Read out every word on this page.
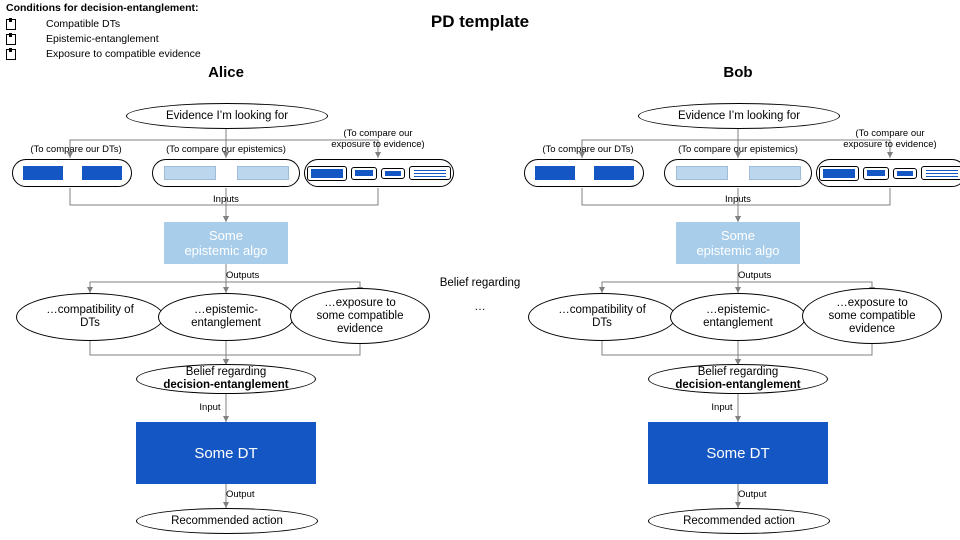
Conditions for decision-entanglement:
Compatible DTs
Epistemic-entanglement
Exposure to compatible evidence
PD template
Belief regarding
…
Alice
Evidence I’m looking for
(To compare our DTs)	(To compare our epistemics)
(To compare our
exposure to evidence)
Inputs
Some
epistemic algo
Outputs
…compatibility of
DTs
…epistemic-
entanglement
…exposure to
some compatible
evidence
Belief regarding
decision-entanglement
Input
Some DT
Output
Recommended action
Bob
Evidence I’m looking for
(To compare our DTs)	(To compare our epistemics)
(To compare our
exposure to evidence)
Inputs
Some
epistemic algo
Outputs
…compatibility of
DTs
…epistemic-
entanglement
…exposure to
some compatible
evidence
Belief regarding
decision-entanglement
Input
Some DT
Output
Recommended action
